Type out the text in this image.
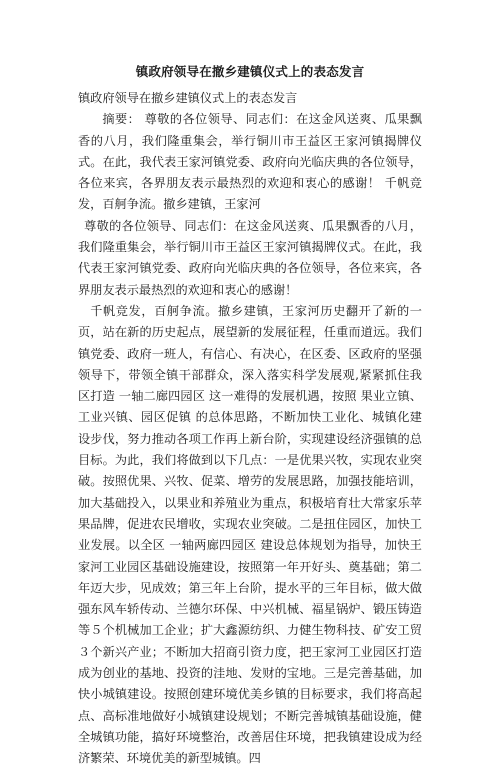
镇政府领导在撤乡建镇仪式上的表态发言

镇政府领导在撤乡建镇仪式上的表态发言

摘要： 尊敬的各位领导、同志们：在这金风送爽、瓜果飘香的八月，我们隆重集会，举行铜川市王益区王家河镇揭牌仪式。在此，我代表王家河镇党委、政府向光临庆典的各位领导，各位来宾，各界朋友表示最热烈的欢迎和衷心的感谢！ 千帆竞发，百舸争流。撤乡建镇，王家河

尊敬的各位领导、同志们：在这金风送爽、瓜果飘香的八月，我们隆重集会，举行铜川市王益区王家河镇揭牌仪式。在此，我代表王家河镇党委、政府向光临庆典的各位领导，各位来宾，各界朋友表示最热烈的欢迎和衷心的感谢！

千帆竞发，百舸争流。撤乡建镇，王家河历史翻开了新的一页，站在新的历史起点，展望新的发展征程，任重而道远。我们镇党委、政府一班人，有信心、有决心，在区委、区政府的坚强领导下，带领全镇干部群众，深入落实科学发展观,紧紧抓住我区打造 一轴二廊四园区 这一难得的发展机遇，按照 果业立镇、工业兴镇、园区促镇 的总体思路，不断加快工业化、城镇化建设步伐，努力推动各项工作再上新台阶，实现建设经济强镇的总目标。为此，我们将做到以下几点：一是优果兴牧，实现农业突破。按照优果、兴牧、促菜、增劳的发展思路，加强技能培训，加大基础投入，以果业和养殖业为重点，积极培育壮大常家乐苹果品牌，促进农民增收，实现农业突破。二是扭住园区，加快工业发展。以全区 一轴两廊四园区 建设总体规划为指导，加快王家河工业园区基础设施建设，按照第一年开好头、奠基础；第二年迈大步，见成效；第三年上台阶，提水平的三年目标，做大做强东风车轿传动、兰德尔环保、中兴机械、福星锅炉、锻压铸造等５个机械加工企业；扩大鑫源纺织、力健生物科技、矿安工贸３个新兴产业；不断加大招商引资力度，把王家河工业园区打造成为创业的基地、投资的洼地、发财的宝地。三是完善基础，加快小城镇建设。按照创建环境优美乡镇的目标要求，我们将高起点、高标准地做好小城镇建设规划；不断完善城镇基础设施，健全城镇功能，搞好环境整治，改善居住环境，把我镇建设成为经济繁荣、环境优美的新型城镇。四
